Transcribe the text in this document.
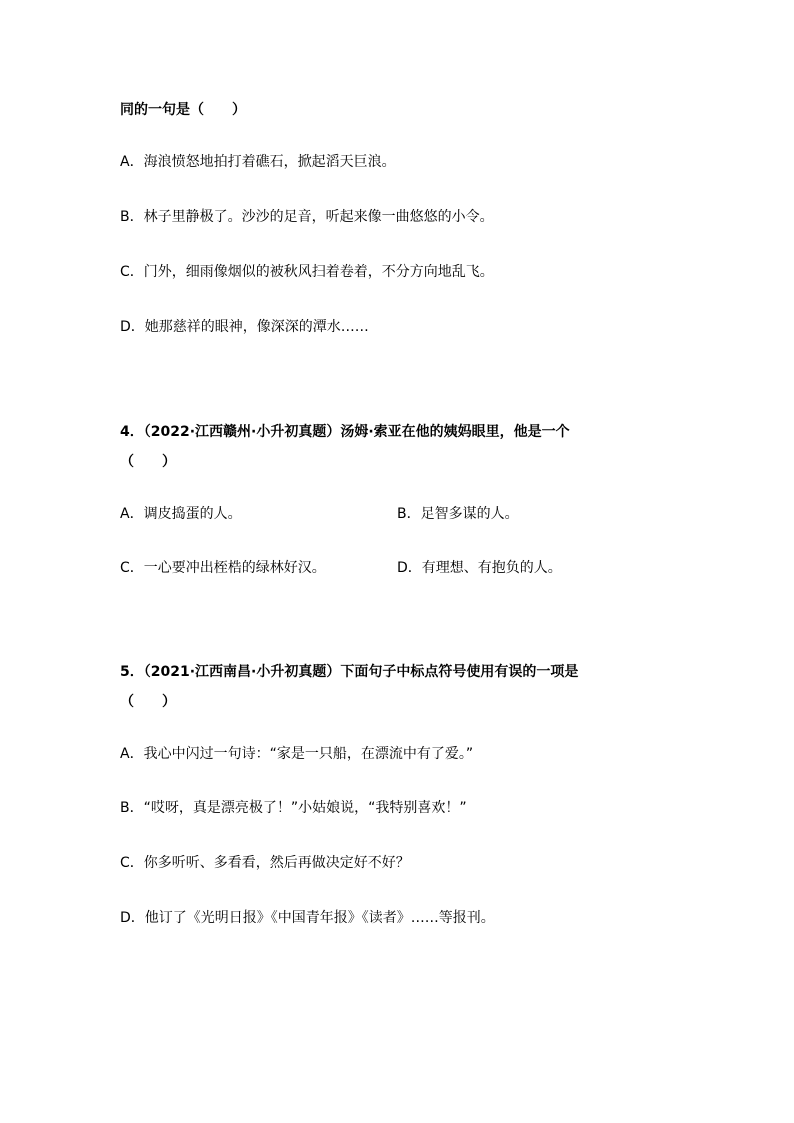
同的一句是（　　）
A．海浪愤怒地拍打着礁石，掀起滔天巨浪。
B．林子里静极了。沙沙的足音，听起来像一曲悠悠的小令。
C．门外，细雨像烟似的被秋风扫着卷着，不分方向地乱飞。
D．她那慈祥的眼神，像深深的潭水……
4．（2022·江西赣州·小升初真题）汤姆·索亚在他的姨妈眼里，他是一个
（　　）
A．调皮捣蛋的人。	B．足智多谋的人。
C．一心要冲出桎梏的绿林好汉。	D．有理想、有抱负的人。
5．（2021·江西南昌·小升初真题）下面句子中标点符号使用有误的一项是
（　　）
A．我心中闪过一句诗：“家是一只船，在漂流中有了爱。”
B．“哎呀，真是漂亮极了！”小姑娘说，“我特别喜欢！”
C．你多听听、多看看，然后再做决定好不好？
D．他订了《光明日报》《中国青年报》《读者》……等报刊。
